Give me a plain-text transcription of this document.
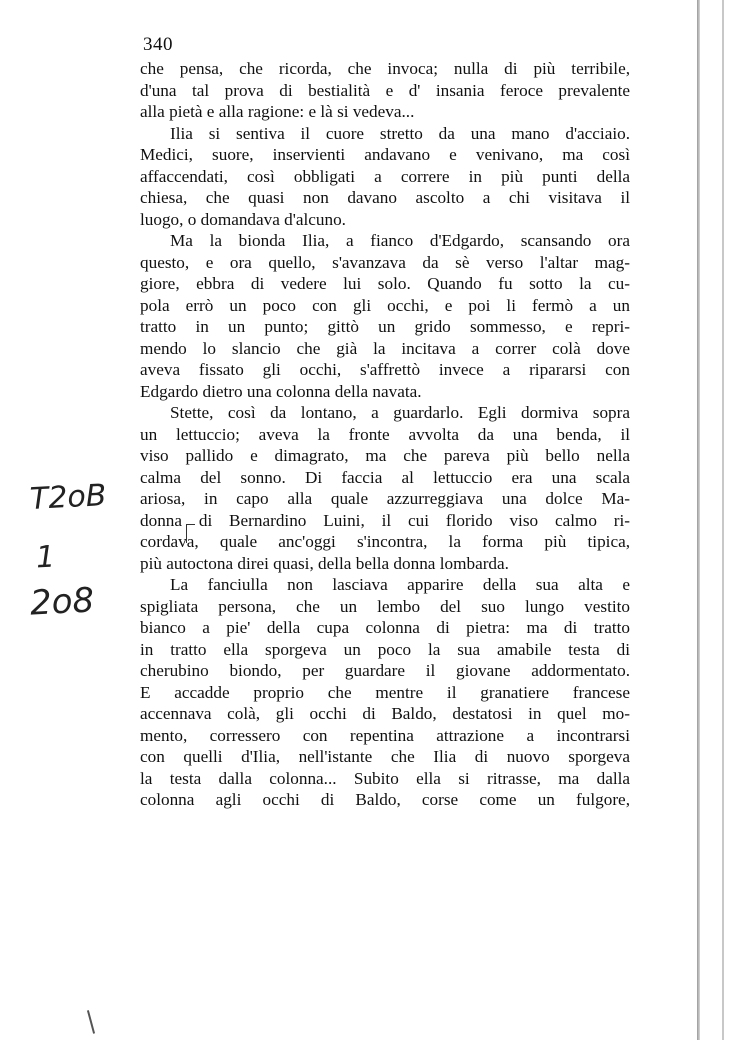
340
che pensa, che ricorda, che invoca; nulla di più terribile,
d'una tal prova di bestialità e d' insania feroce prevalente
alla pietà e alla ragione: e là si vedeva...
Ilia si sentiva il cuore stretto da una mano d'acciaio.
Medici, suore, inservienti andavano e venivano, ma così
affaccendati, così obbligati a correre in più punti della
chiesa, che quasi non davano ascolto a chi visitava il
luogo, o domandava d'alcuno.
Ma la bionda Ilia, a fianco d'Edgardo, scansando ora
questo, e ora quello, s'avanzava da sè verso l'altar mag-
giore, ebbra di vedere lui solo. Quando fu sotto la cu-
pola errò un poco con gli occhi, e poi li fermò a un
tratto in un punto; gittò un grido sommesso, e repri-
mendo lo slancio che già la incitava a correr colà dove
aveva fissato gli occhi, s'affrettò invece a ripararsi con
Edgardo dietro una colonna della navata.
Stette, così da lontano, a guardarlo. Egli dormiva sopra
un lettuccio; aveva la fronte avvolta da una benda, il
viso pallido e dimagrato, ma che pareva più bello nella
calma del sonno. Di faccia al lettuccio era una scala
ariosa, in capo alla quale azzurreggiava una dolce Ma-
donna di Bernardino Luini, il cui florido viso calmo ri-
cordava, quale anc'oggi s'incontra, la forma più tipica,
più autoctona direi quasi, della bella donna lombarda.
La fanciulla non lasciava apparire della sua alta e
spigliata persona, che un lembo del suo lungo vestito
bianco a pie' della cupa colonna di pietra: ma di tratto
in tratto ella sporgeva un poco la sua amabile testa di
cherubino biondo, per guardare il giovane addormentato.
E accadde proprio che mentre il granatiere francese
accennava colà, gli occhi di Baldo, destatosi in quel mo-
mento, corressero con repentina attrazione a incontrarsi
con quelli d'Ilia, nell'istante che Ilia di nuovo sporgeva
la testa dalla colonna... Subito ella si ritrasse, ma dalla
colonna agli occhi di Baldo, corse come un fulgore,
T2oB
1
2o8
